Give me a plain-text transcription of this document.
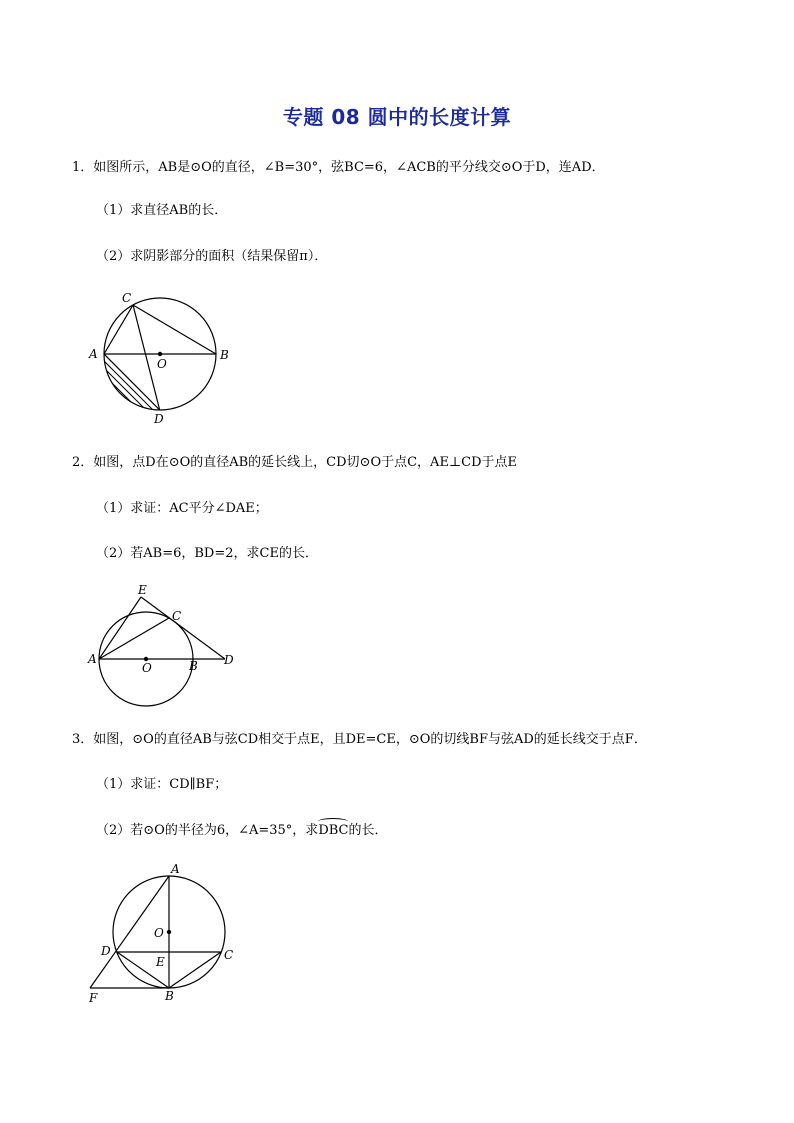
专题 08 圆中的长度计算
1．如图所示，AB是⊙O的直径，∠B=30°，弦BC=6，∠ACB的平分线交⊙O于D，连AD．
（1）求直径AB的长．
（2）求阴影部分的面积（结果保留π）．
C
A	B
O
D
2．如图，点D在⊙O的直径AB的延长线上，CD切⊙O于点C，AE⊥CD于点E
（1）求证：AC平分∠DAE；
（2）若AB=6，BD=2，求CE的长．
E
C
A
O	B D
3．如图，⊙O的直径AB与弦CD相交于点E，且DE=CE，⊙O的切线BF与弦AD的延长线交于点F．
（1）求证：CD∥BF；
（2）若⊙O的半径为6，∠A=35°，求DBC的长．
A
O
D	C
E
B
F
